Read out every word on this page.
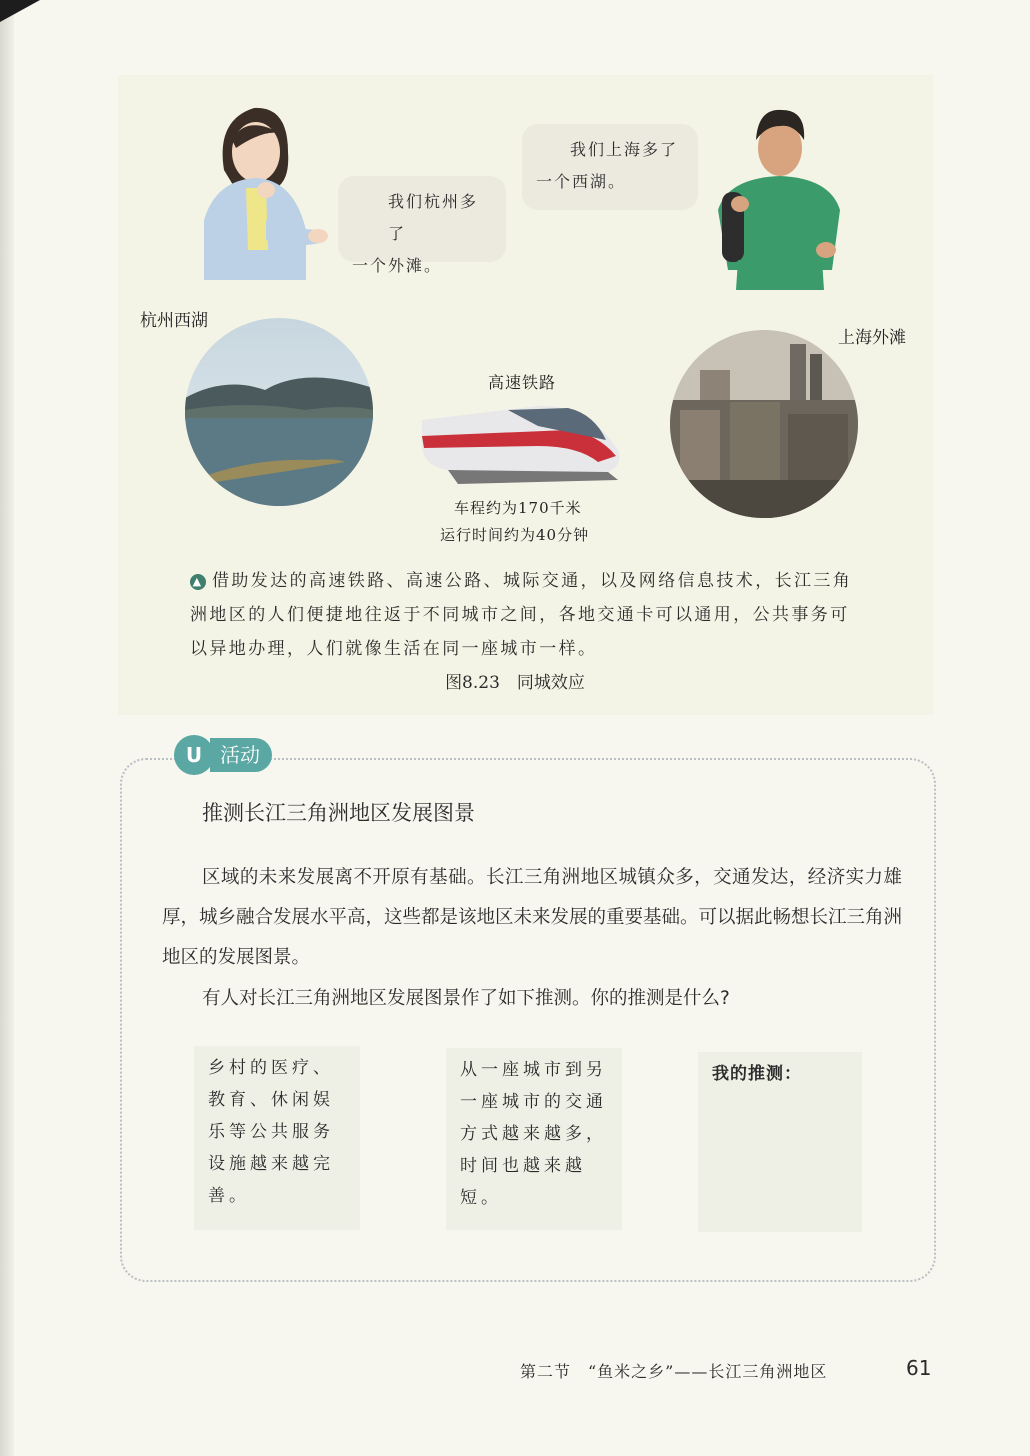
我们杭州多了
一个外滩。
我们上海多了
一个西湖。
杭州西湖
上海外滩
高速铁路
车程约为170千米
运行时间约为40分钟
▲ 借助发达的高速铁路、高速公路、城际交通，以及网络信息技术，长江三角洲地区的人们便捷地往返于不同城市之间，各地交通卡可以通用，公共事务可以异地办理，人们就像生活在同一座城市一样。
图8.23　同城效应
U 活动
推测长江三角洲地区发展图景
区域的未来发展离不开原有基础。长江三角洲地区城镇众多，交通发达，经济实力雄厚，城乡融合发展水平高，这些都是该地区未来发展的重要基础。可以据此畅想长江三角洲地区的发展图景。
有人对长江三角洲地区发展图景作了如下推测。你的推测是什么?
乡村的医疗、教育、休闲娱乐等公共服务设施越来越完善。
从一座城市到另一座城市的交通方式越来越多，时间也越来越短。
我的推测：
第二节　“鱼米之乡”——长江三角洲地区	61
